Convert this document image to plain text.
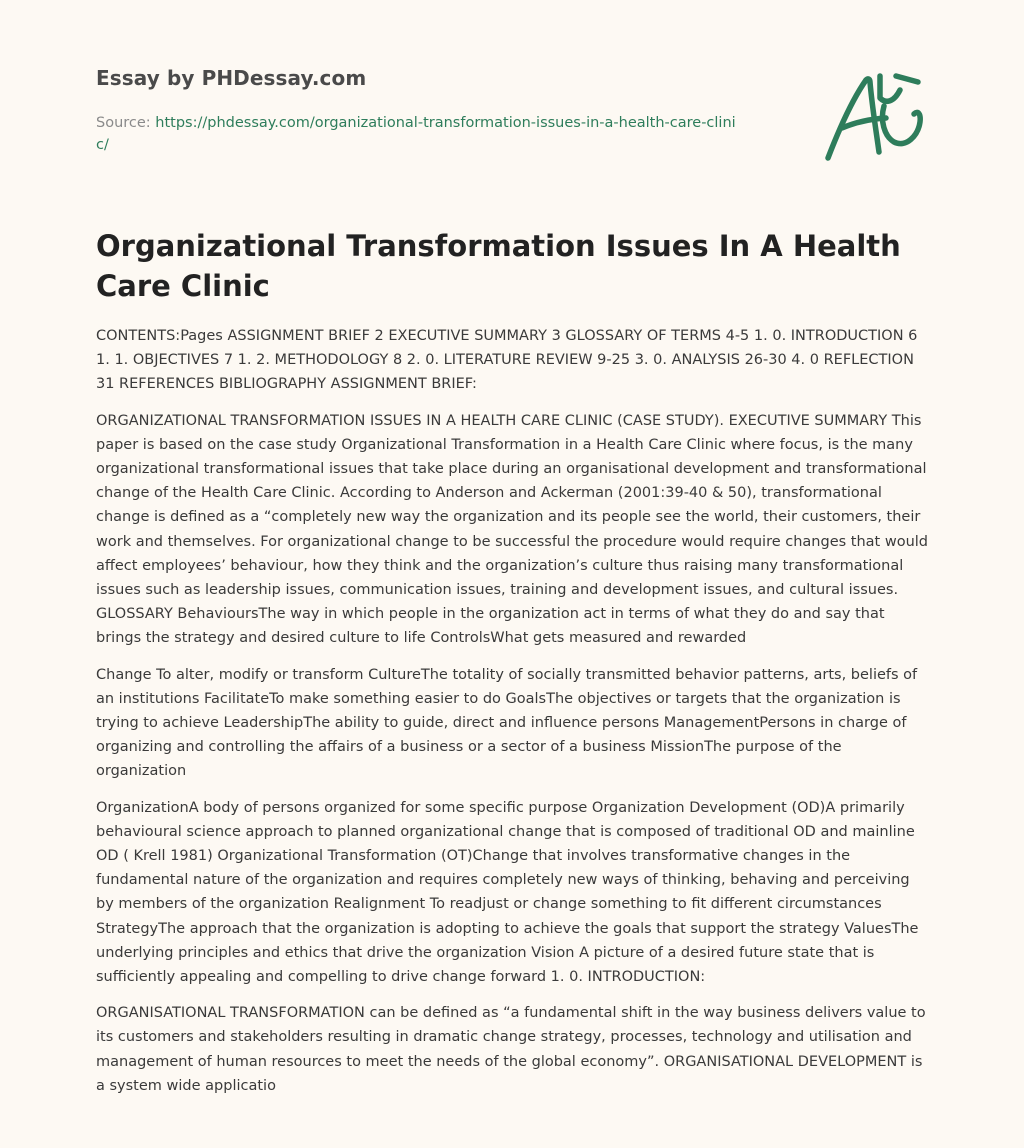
Essay by PHDessay.com
Source: https://phdessay.com/organizational-transformation-issues-in-a-health-care-clinic/
Organizational Transformation Issues In A Health Care Clinic

CONTENTS:Pages ASSIGNMENT BRIEF 2 EXECUTIVE SUMMARY 3 GLOSSARY OF TERMS 4-5 1. 0. INTRODUCTION 6 1. 1. OBJECTIVES 7 1. 2. METHODOLOGY 8 2. 0. LITERATURE REVIEW 9-25 3. 0. ANALYSIS 26-30 4. 0 REFLECTION 31 REFERENCES BIBLIOGRAPHY ASSIGNMENT BRIEF:

ORGANIZATIONAL TRANSFORMATION ISSUES IN A HEALTH CARE CLINIC (CASE STUDY). EXECUTIVE SUMMARY This paper is based on the case study Organizational Transformation in a Health Care Clinic where focus, is the many organizational transformational issues that take place during an organisational development and transformational change of the Health Care Clinic. According to Anderson and Ackerman (2001:39-40 & 50), transformational change is defined as a “completely new way the organization and its people see the world, their customers, their work and themselves. For organizational change to be successful the procedure would require changes that would affect employees’ behaviour, how they think and the organization’s culture thus raising many transformational issues such as leadership issues, communication issues, training and development issues, and cultural issues. GLOSSARY BehavioursThe way in which people in the organization act in terms of what they do and say that brings the strategy and desired culture to life ControlsWhat gets measured and rewarded

Change To alter, modify or transform CultureThe totality of socially transmitted behavior patterns, arts, beliefs of an institutions FacilitateTo make something easier to do GoalsThe objectives or targets that the organization is trying to achieve LeadershipThe ability to guide, direct and influence persons ManagementPersons in charge of organizing and controlling the affairs of a business or a sector of a business MissionThe purpose of the organization

OrganizationA body of persons organized for some specific purpose Organization Development (OD)A primarily behavioural science approach to planned organizational change that is composed of traditional OD and mainline OD ( Krell 1981) Organizational Transformation (OT)Change that involves transformative changes in the fundamental nature of the organization and requires completely new ways of thinking, behaving and perceiving by members of the organization Realignment To readjust or change something to fit different circumstances StrategyThe approach that the organization is adopting to achieve the goals that support the strategy ValuesThe underlying principles and ethics that drive the organization Vision A picture of a desired future state that is sufficiently appealing and compelling to drive change forward 1. 0. INTRODUCTION:

ORGANISATIONAL TRANSFORMATION can be defined as “a fundamental shift in the way business delivers value to its customers and stakeholders resulting in dramatic change strategy, processes, technology and utilisation and management of human resources to meet the needs of the global economy”. ORGANISATIONAL DEVELOPMENT is a system wide applicatio
